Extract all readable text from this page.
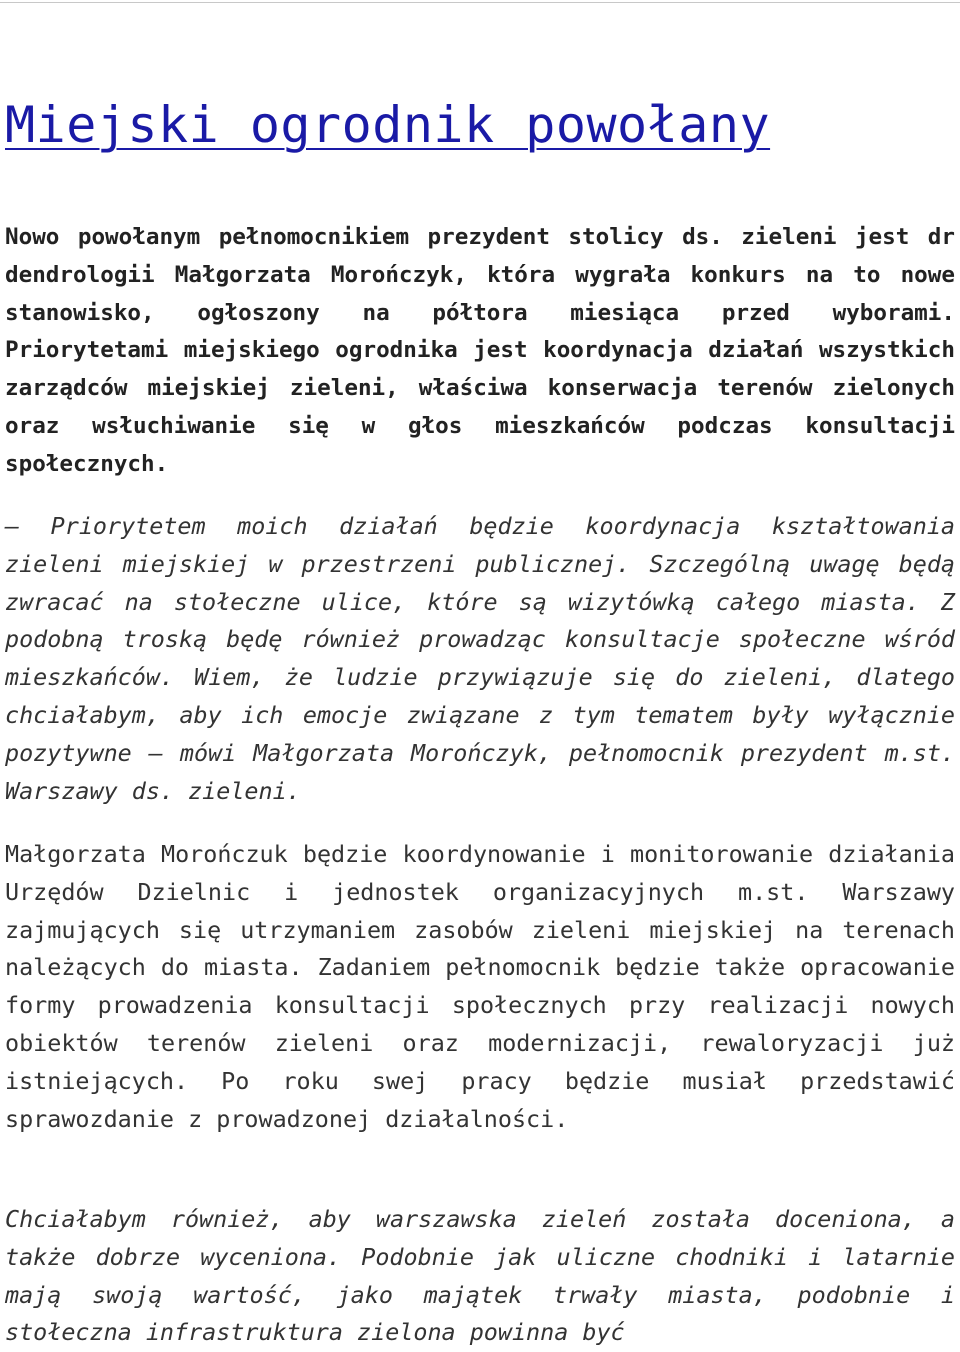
Miejski ogrodnik powołany

Nowo powołanym pełnomocnikiem prezydent stolicy ds. zieleni jest dr dendrologii Małgorzata Morończyk, która wygrała konkurs na to nowe stanowisko, ogłoszony na półtora miesiąca przed wyborami. Priorytetami miejskiego ogrodnika jest koordynacja działań wszystkich zarządców miejskiej zieleni, właściwa konserwacja terenów zielonych oraz wsłuchiwanie się w głos mieszkańców podczas konsultacji społecznych.

– Priorytetem moich działań będzie koordynacja kształtowania zieleni miejskiej w przestrzeni publicznej. Szczególną uwagę będą zwracać na stołeczne ulice, które są wizytówką całego miasta. Z podobną troską będę również prowadząc konsultacje społeczne wśród mieszkańców. Wiem, że ludzie przywiązuje się do zieleni, dlatego chciałabym, aby ich emocje związane z tym tematem były wyłącznie pozytywne – mówi Małgorzata Morończyk, pełnomocnik prezydent m.st. Warszawy ds. zieleni.

Małgorzata Morończuk będzie koordynowanie i monitorowanie działania Urzędów Dzielnic i jednostek organizacyjnych m.st. Warszawy zajmujących się utrzymaniem zasobów zieleni miejskiej na terenach należących do miasta. Zadaniem pełnomocnik będzie także opracowanie formy prowadzenia konsultacji społecznych przy realizacji nowych obiektów terenów zieleni oraz modernizacji, rewaloryzacji już istniejących. Po roku swej pracy będzie musiał przedstawić sprawozdanie z prowadzonej działalności.

Chciałabym również, aby warszawska zieleń została doceniona, a także dobrze wyceniona. Podobnie jak uliczne chodniki i latarnie mają swoją wartość, jako majątek trwały miasta, podobnie i stołeczna infrastruktura zielona powinna być
